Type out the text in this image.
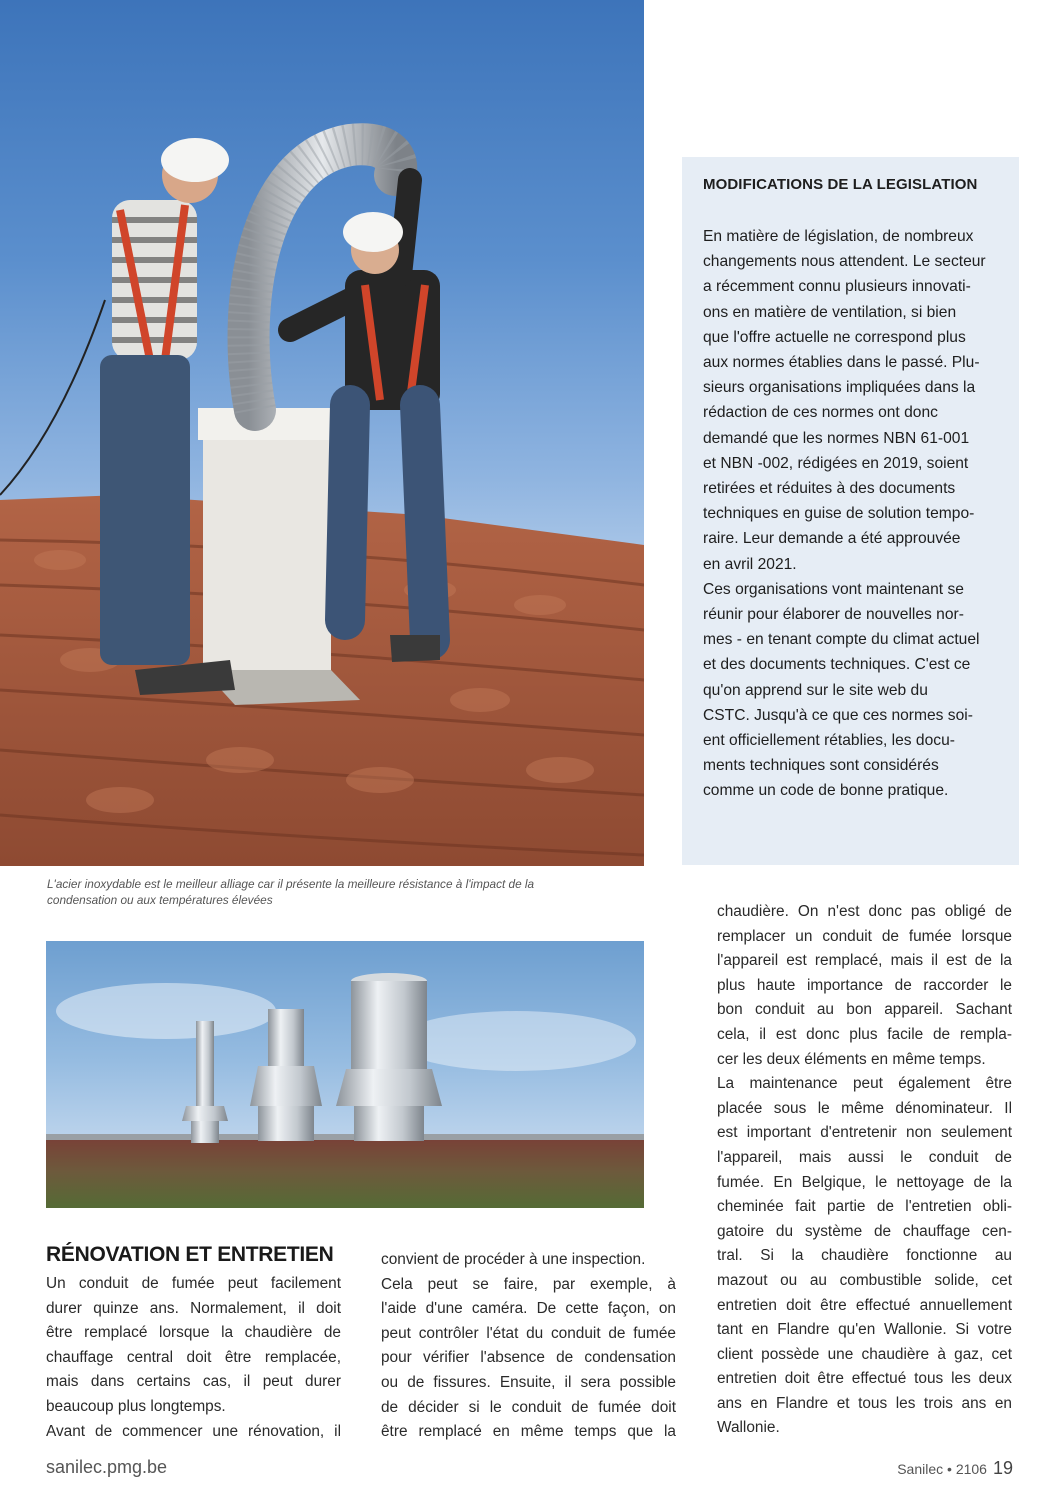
MODIFICATIONS DE LA LEGISLATION
En matière de législation, de nombreux
changements nous attendent. Le secteur
a récemment connu plusieurs innovati-
ons en matière de ventilation, si bien
que l'offre actuelle ne correspond plus
aux normes établies dans le passé. Plu-
sieurs organisations impliquées dans la
rédaction de ces normes ont donc
demandé que les normes NBN 61-001
et NBN -002, rédigées en 2019, soient
retirées et réduites à des documents
techniques en guise de solution tempo-
raire. Leur demande a été approuvée
en avril 2021.
Ces organisations vont maintenant se
réunir pour élaborer de nouvelles nor-
mes - en tenant compte du climat actuel
et des documents techniques. C'est ce
qu'on apprend sur le site web du
CSTC. Jusqu'à ce que ces normes soi-
ent officiellement rétablies, les docu-
ments techniques sont considérés
comme un code de bonne pratique.
L'acier inoxydable est le meilleur alliage car il présente la meilleure résistance à l'impact de la
condensation ou aux températures élevées
RÉNOVATION ET ENTRETIEN
Un conduit de fumée peut facilement
durer quinze ans. Normalement, il doit
être remplacé lorsque la chaudière de
chauffage central doit être remplacée,
mais dans certains cas, il peut durer
beaucoup plus longtemps.
Avant de commencer une rénovation, il
convient de procéder à une inspection.
Cela peut se faire, par exemple, à
l'aide d'une caméra. De cette façon, on
peut contrôler l'état du conduit de fumée
pour vérifier l'absence de condensation
ou de fissures. Ensuite, il sera possible
de décider si le conduit de fumée doit
être remplacé en même temps que la
chaudière. On n'est donc pas obligé de
remplacer un conduit de fumée lorsque
l'appareil est remplacé, mais il est de la
plus haute importance de raccorder le
bon conduit au bon appareil. Sachant
cela, il est donc plus facile de rempla-
cer les deux éléments en même temps.
La maintenance peut également être
placée sous le même dénominateur. Il
est important d'entretenir non seulement
l'appareil, mais aussi le conduit de
fumée. En Belgique, le nettoyage de la
cheminée fait partie de l'entretien obli-
gatoire du système de chauffage cen-
tral. Si la chaudière fonctionne au
mazout ou au combustible solide, cet
entretien doit être effectué annuellement
tant en Flandre qu'en Wallonie. Si votre
client possède une chaudière à gaz, cet
entretien doit être effectué tous les deux
ans en Flandre et tous les trois ans en
Wallonie.
sanilec.pmg.be	Sanilec • 2106 19
